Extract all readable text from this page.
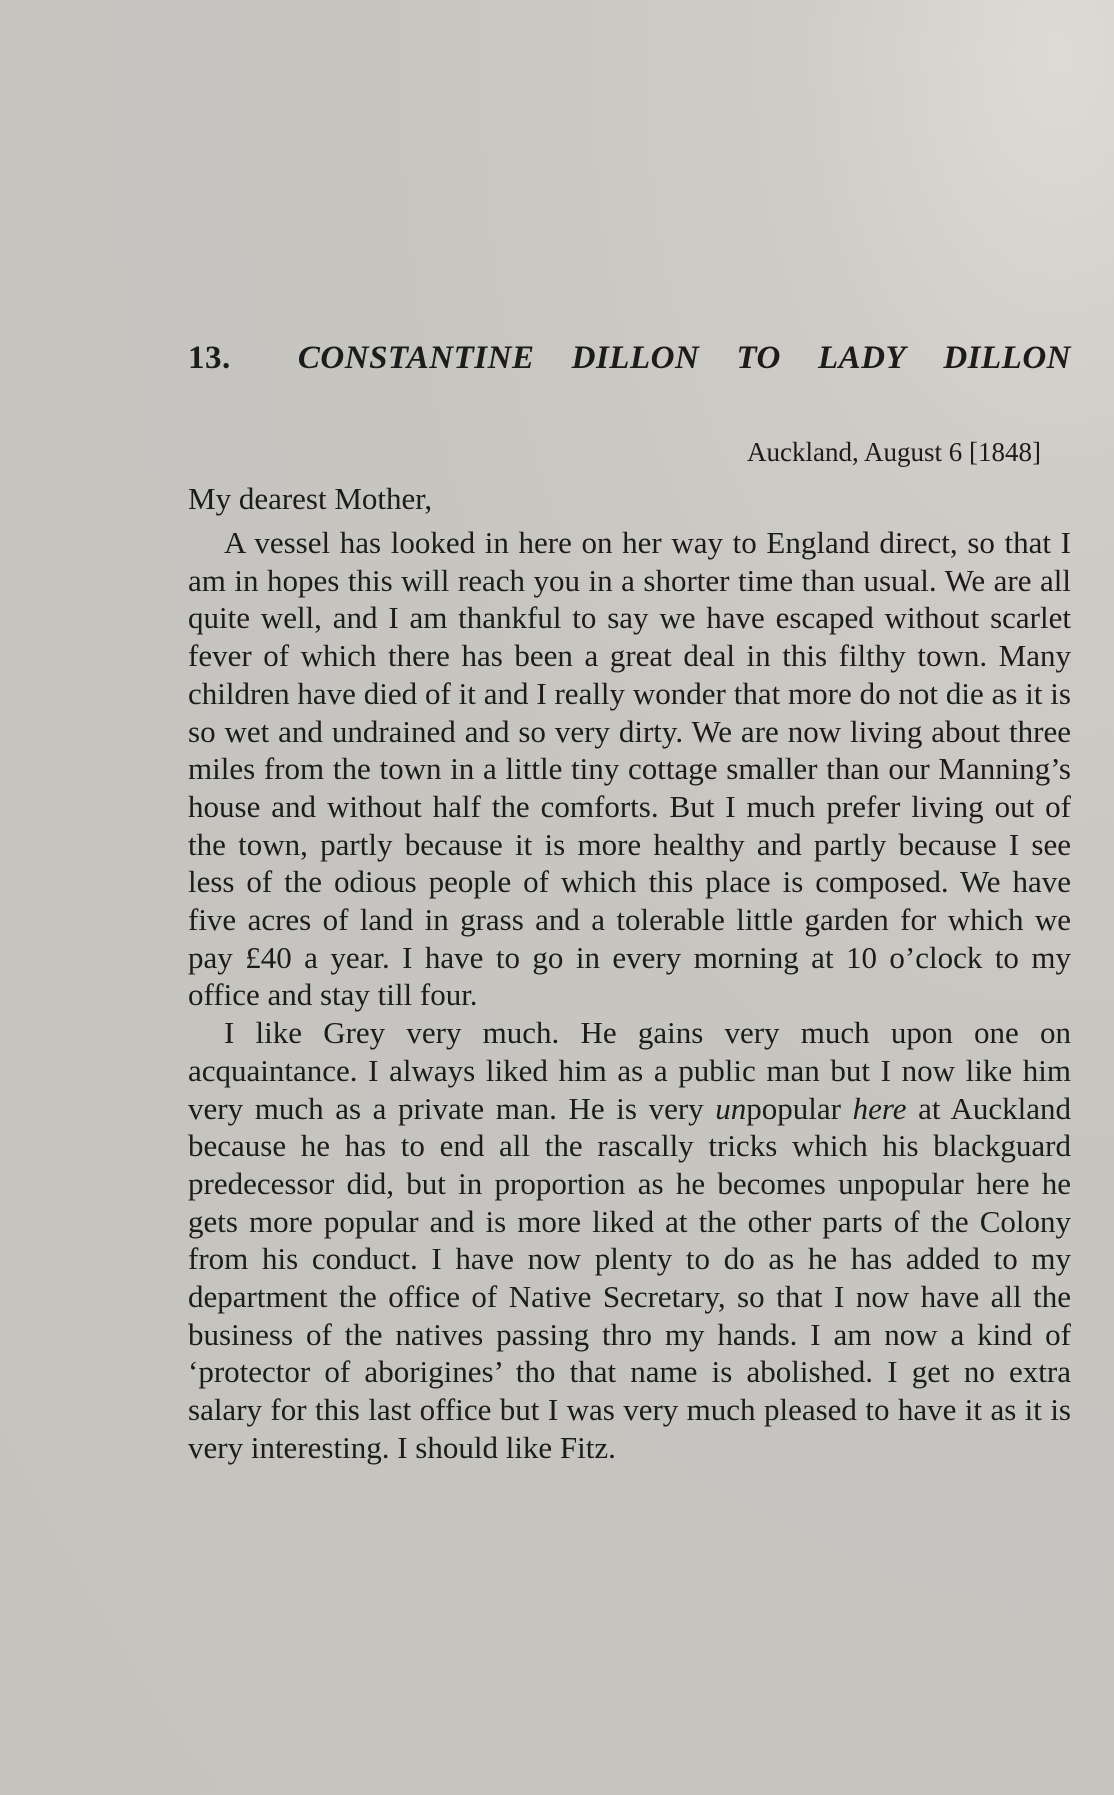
13. CONSTANTINE DILLON TO LADY DILLON
Auckland, August 6 [1848]
My dearest Mother,

A vessel has looked in here on her way to England direct, so that I am in hopes this will reach you in a shorter time than usual. We are all quite well, and I am thankful to say we have escaped without scarlet fever of which there has been a great deal in this filthy town. Many children have died of it and I really wonder that more do not die as it is so wet and undrained and so very dirty. We are now living about three miles from the town in a little tiny cottage smaller than our Manning’s house and without half the comforts. But I much prefer living out of the town, partly because it is more healthy and partly because I see less of the odious people of which this place is composed. We have five acres of land in grass and a tolerable little garden for which we pay £40 a year. I have to go in every morning at 10 o’clock to my office and stay till four.

I like Grey very much. He gains very much upon one on acquaintance. I always liked him as a public man but I now like him very much as a private man. He is very unpopular here at Auckland because he has to end all the rascally tricks which his blackguard predecessor did, but in proportion as he becomes unpopular here he gets more popular and is more liked at the other parts of the Colony from his conduct. I have now plenty to do as he has added to my department the office of Native Secretary, so that I now have all the business of the natives passing thro my hands. I am now a kind of ‘protector of aborigines’ tho that name is abolished. I get no extra salary for this last office but I was very much pleased to have it as it is very interesting. I should like Fitz.
